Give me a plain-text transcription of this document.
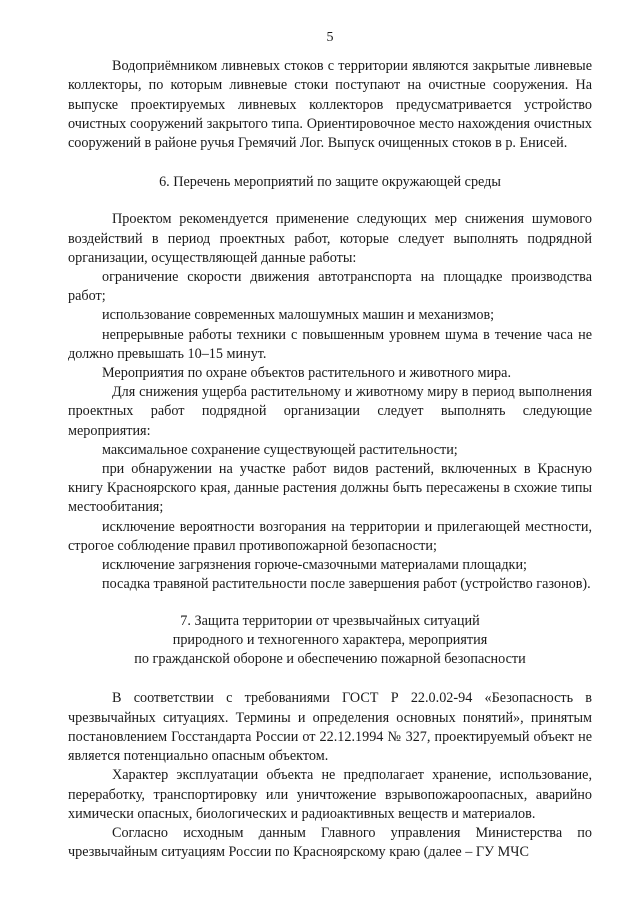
5

Водоприёмником ливневых стоков с территории являются закрытые ливневые коллекторы, по которым ливневые стоки поступают на очистные сооружения. На выпуске проектируемых ливневых коллекторов предусматривается устройство очистных сооружений закрытого типа. Ориентировочное место нахождения очистных сооружений в районе ручья Гремячий Лог. Выпуск очищенных стоков в р. Енисей.

6. Перечень мероприятий по защите окружающей среды

Проектом рекомендуется применение следующих мер снижения шумового воздействий в период проектных работ, которые следует выполнять подрядной организации, осуществляющей данные работы:

ограничение скорости движения автотранспорта на площадке производства работ;

использование современных малошумных машин и механизмов;

непрерывные работы техники с повышенным уровнем шума в течение часа не должно превышать 10–15 минут.

Мероприятия по охране объектов растительного и животного мира.

Для снижения ущерба растительному и животному миру в период выполнения проектных работ подрядной организации следует выполнять следующие мероприятия:

максимальное сохранение существующей растительности;

при обнаружении на участке работ видов растений, включенных в Красную книгу Красноярского края, данные растения должны быть пересажены в схожие типы местообитания;

исключение вероятности возгорания на территории и прилегающей местности, строгое соблюдение правил противопожарной безопасности;

исключение загрязнения горюче-смазочными материалами площадки;

посадка травяной растительности после завершения работ (устройство газонов).

7. Защита территории от чрезвычайных ситуаций
природного и техногенного характера, мероприятия
по гражданской обороне и обеспечению пожарной безопасности

В соответствии с требованиями ГОСТ Р 22.0.02-94 «Безопасность в чрезвычайных ситуациях. Термины и определения основных понятий», принятым постановлением Госстандарта России от 22.12.1994 № 327, проектируемый объект не является потенциально опасным объектом.

Характер эксплуатации объекта не предполагает хранение, использование, переработку, транспортировку или уничтожение взрывопожароопасных, аварийно химически опасных, биологических и радиоактивных веществ и материалов.

Согласно исходным данным Главного управления Министерства по чрезвычайным ситуациям России по Красноярскому краю (далее – ГУ МЧС
